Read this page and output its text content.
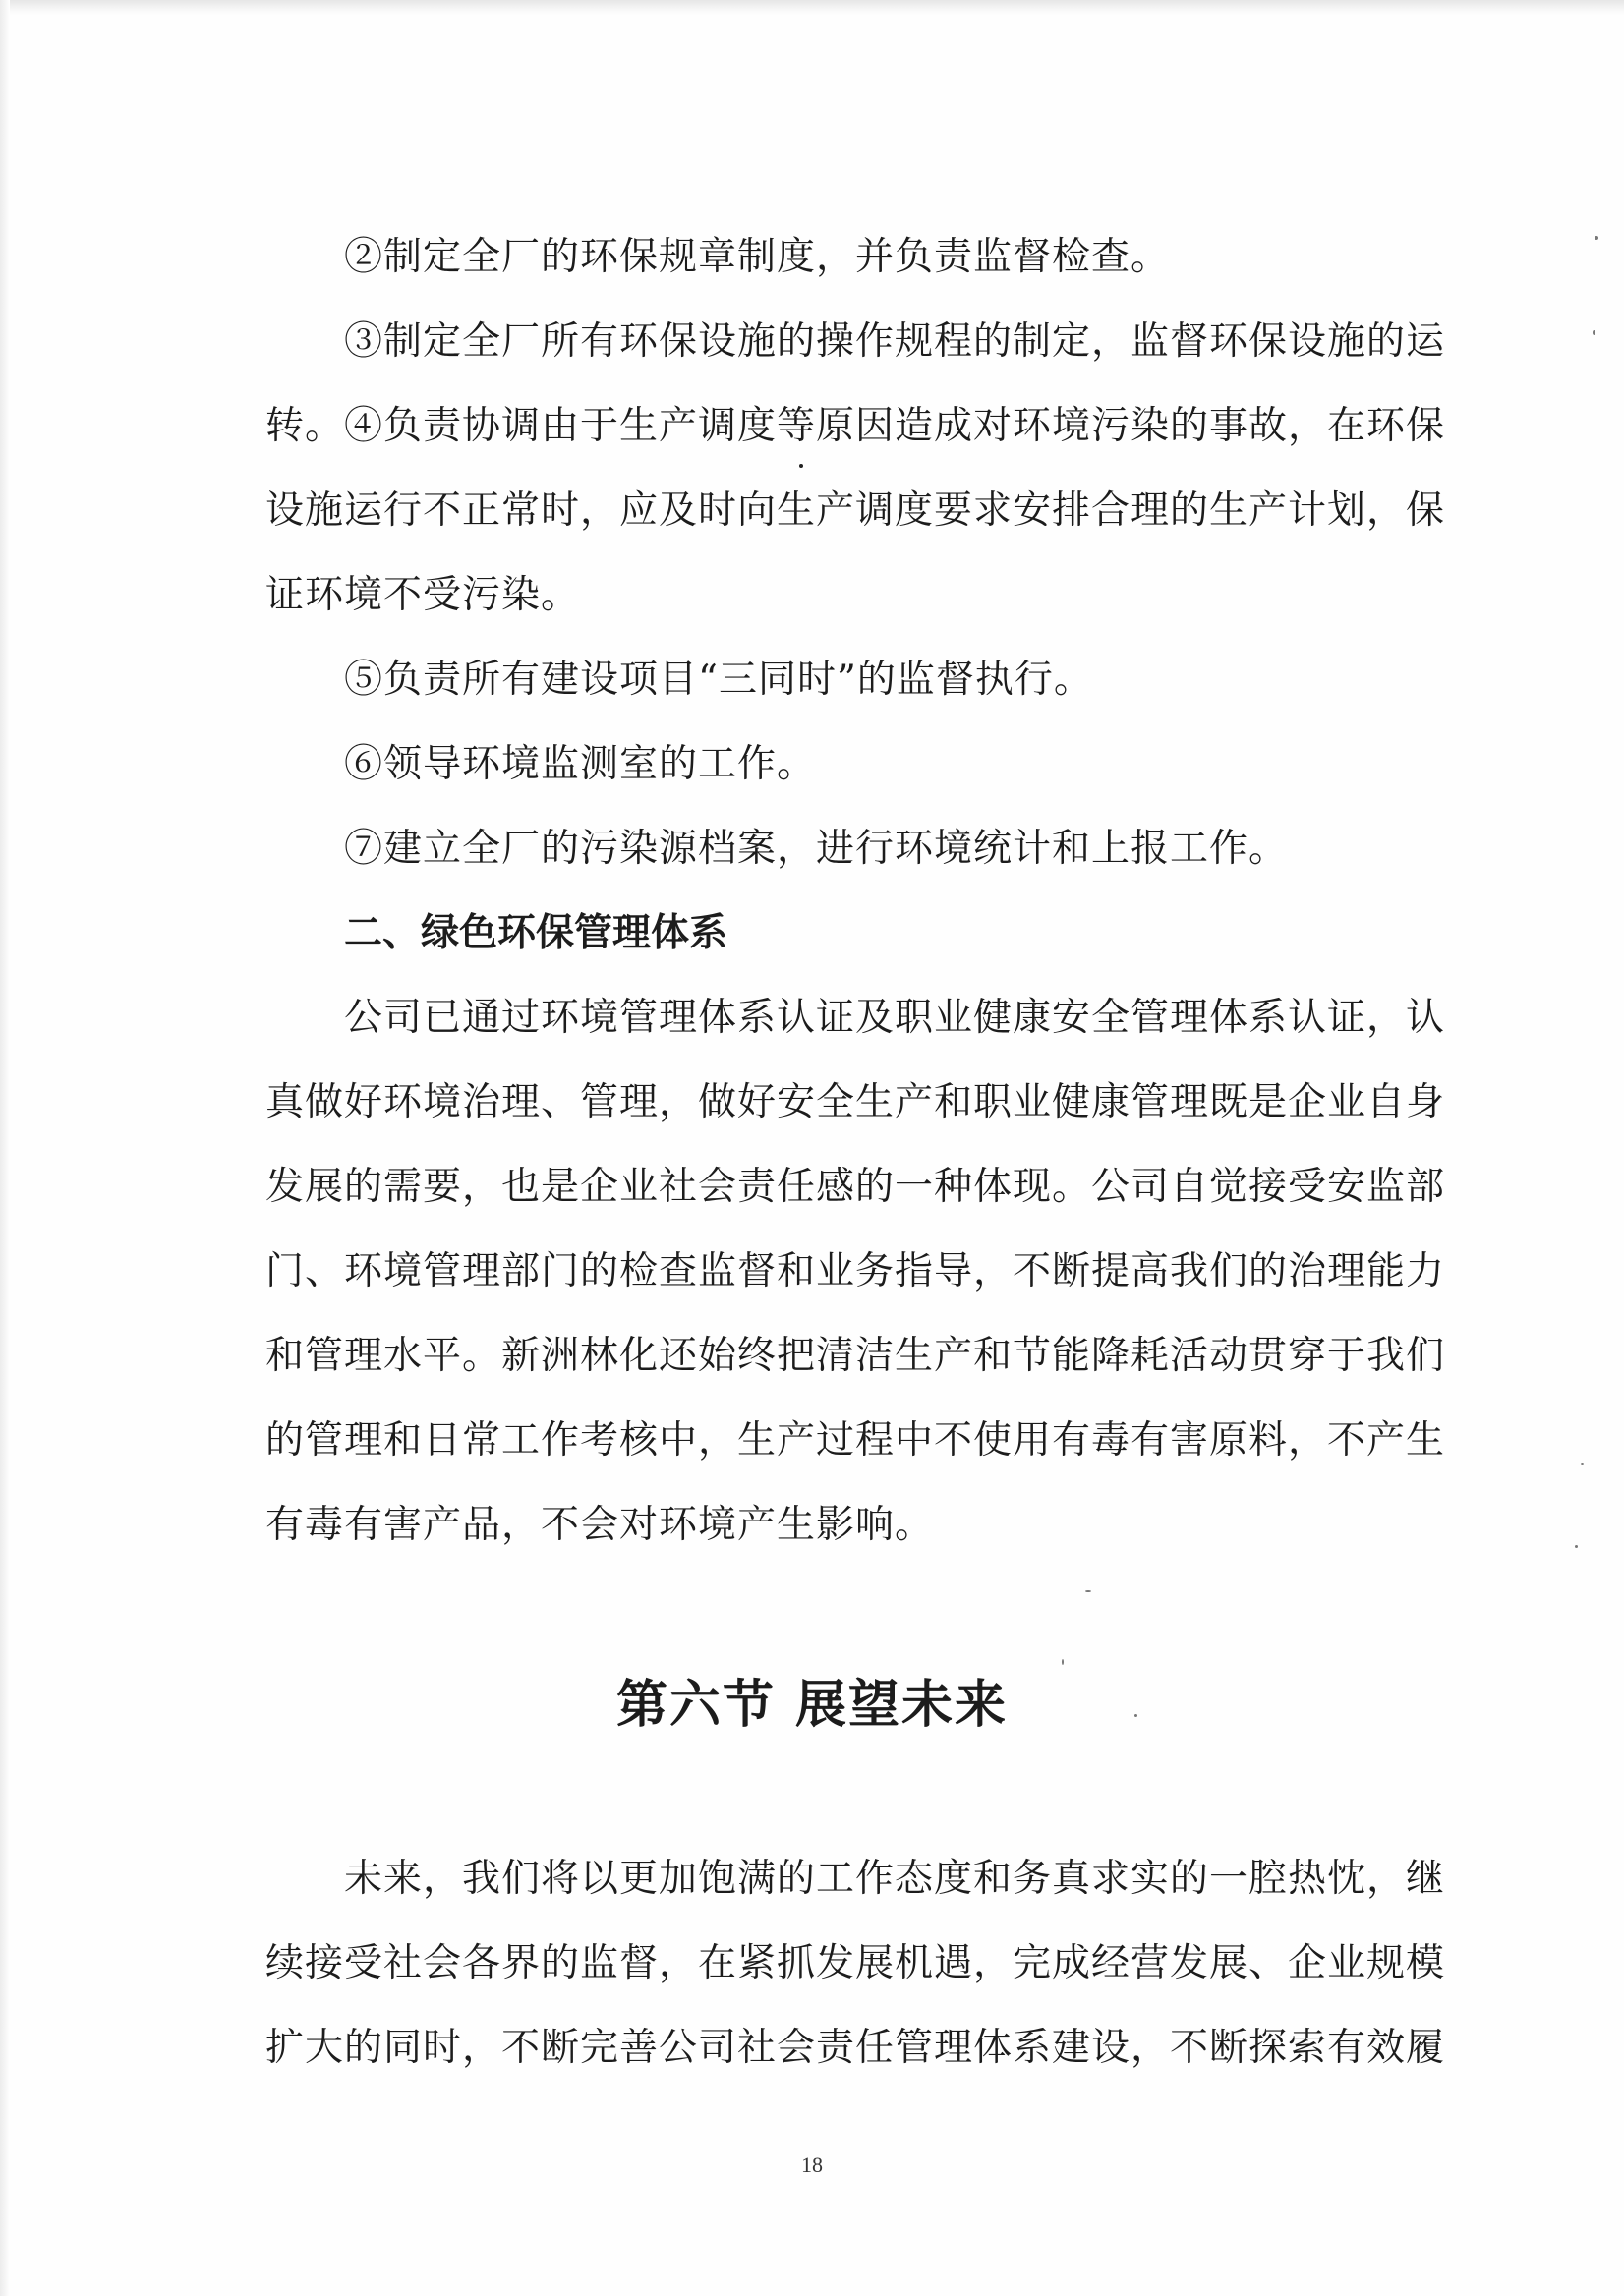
②制定全厂的环保规章制度，并负责监督检查。
③制定全厂所有环保设施的操作规程的制定，监督环保设施的运
转。④负责协调由于生产调度等原因造成对环境污染的事故，在环保
设施运行不正常时，应及时向生产调度要求安排合理的生产计划，保
证环境不受污染。
⑤负责所有建设项目“三同时”的监督执行。
⑥领导环境监测室的工作。
⑦建立全厂的污染源档案，进行环境统计和上报工作。
二、绿色环保管理体系
公司已通过环境管理体系认证及职业健康安全管理体系认证，认
真做好环境治理、管理，做好安全生产和职业健康管理既是企业自身
发展的需要，也是企业社会责任感的一种体现。公司自觉接受安监部
门、环境管理部门的检查监督和业务指导，不断提高我们的治理能力
和管理水平。新洲林化还始终把清洁生产和节能降耗活动贯穿于我们
的管理和日常工作考核中，生产过程中不使用有毒有害原料，不产生
有毒有害产品，不会对环境产生影响。
第六节 展望未来
未来，我们将以更加饱满的工作态度和务真求实的一腔热忱，继
续接受社会各界的监督，在紧抓发展机遇，完成经营发展、企业规模
扩大的同时，不断完善公司社会责任管理体系建设，不断探索有效履
18
